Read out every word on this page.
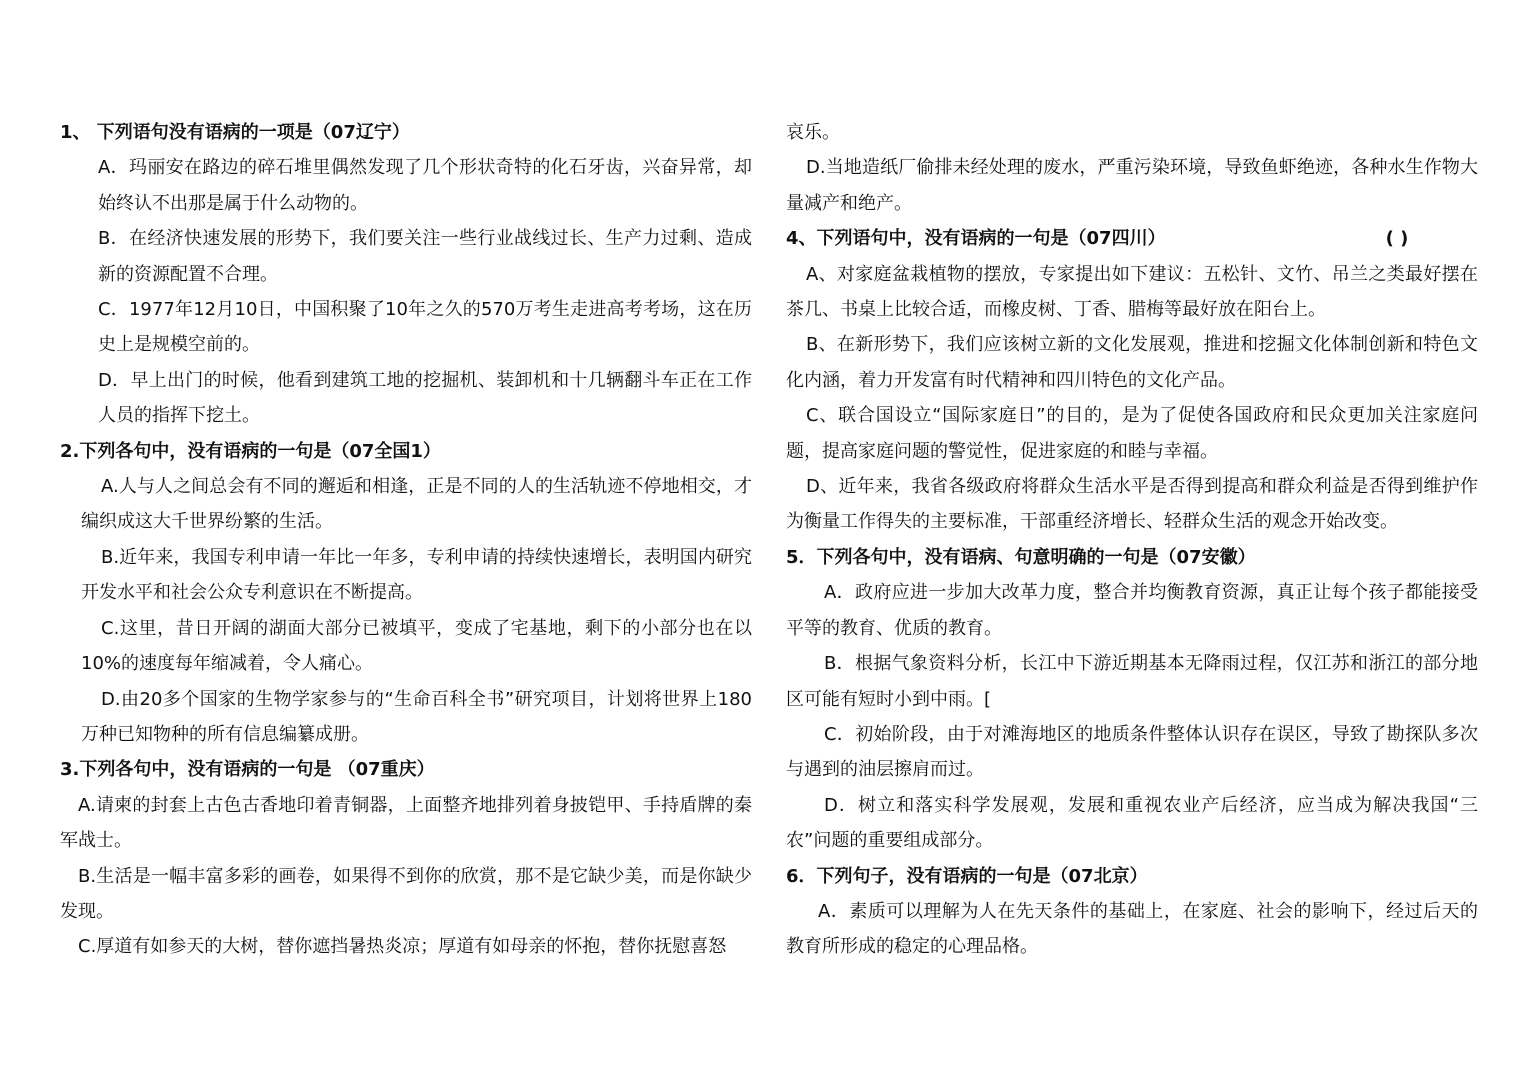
1、 下列语句没有语病的一项是（07辽宁）
A．玛丽安在路边的碎石堆里偶然发现了几个形状奇特的化石牙齿，兴奋异常，却始终认不出那是属于什么动物的。
B．在经济快速发展的形势下，我们要关注一些行业战线过长、生产力过剩、造成新的资源配置不合理。
C．1977年12月10日，中国积聚了10年之久的570万考生走进高考考场，这在历史上是规模空前的。
D．早上出门的时候，他看到建筑工地的挖掘机、装卸机和十几辆翻斗车正在工作人员的指挥下挖土。
2.下列各句中，没有语病的一句是（07全国1）
A.人与人之间总会有不同的邂逅和相逢，正是不同的人的生活轨迹不停地相交，才编织成这大千世界纷繁的生活。
B.近年来，我国专利申请一年比一年多，专利申请的持续快速增长，表明国内研究开发水平和社会公众专利意识在不断提高。
C.这里，昔日开阔的湖面大部分已被填平，变成了宅基地，剩下的小部分也在以10%的速度每年缩减着，令人痛心。
D.由20多个国家的生物学家参与的“生命百科全书”研究项目，计划将世界上180万种已知物种的所有信息编纂成册。
3.下列各句中，没有语病的一句是 （07重庆）
A.请柬的封套上古色古香地印着青铜器，上面整齐地排列着身披铠甲、手持盾牌的秦军战士。
B.生活是一幅丰富多彩的画卷，如果得不到你的欣赏，那不是它缺少美，而是你缺少发现。
C.厚道有如参天的大树，替你遮挡暑热炎凉；厚道有如母亲的怀抱，替你抚慰喜怒
哀乐。
D.当地造纸厂偷排未经处理的废水，严重污染环境，导致鱼虾绝迹，各种水生作物大量减产和绝产。
4、下列语句中，没有语病的一句是（07四川）	( )
A、对家庭盆栽植物的摆放，专家提出如下建议：五松针、文竹、吊兰之类最好摆在茶几、书桌上比较合适，而橡皮树、丁香、腊梅等最好放在阳台上。
B、在新形势下，我们应该树立新的文化发展观，推进和挖掘文化体制创新和特色文化内涵，着力开发富有时代精神和四川特色的文化产品。
C、联合国设立“国际家庭日”的目的，是为了促使各国政府和民众更加关注家庭问题，提高家庭问题的警觉性，促进家庭的和睦与幸福。
D、近年来，我省各级政府将群众生活水平是否得到提高和群众利益是否得到维护作为衡量工作得失的主要标准，干部重经济增长、轻群众生活的观念开始改变。
5．下列各句中，没有语病、句意明确的一句是（07安徽）
A．政府应进一步加大改革力度，整合并均衡教育资源，真正让每个孩子都能接受平等的教育、优质的教育。
B．根据气象资料分析，长江中下游近期基本无降雨过程，仅江苏和浙江的部分地区可能有短时小到中雨。[
C．初始阶段，由于对滩海地区的地质条件整体认识存在误区，导致了勘探队多次与遇到的油层擦肩而过。
D．树立和落实科学发展观，发展和重视农业产后经济，应当成为解决我国“三农”问题的重要组成部分。
6．下列句子，没有语病的一句是（07北京）
A．素质可以理解为人在先天条件的基础上，在家庭、社会的影响下，经过后天的教育所形成的稳定的心理品格。
